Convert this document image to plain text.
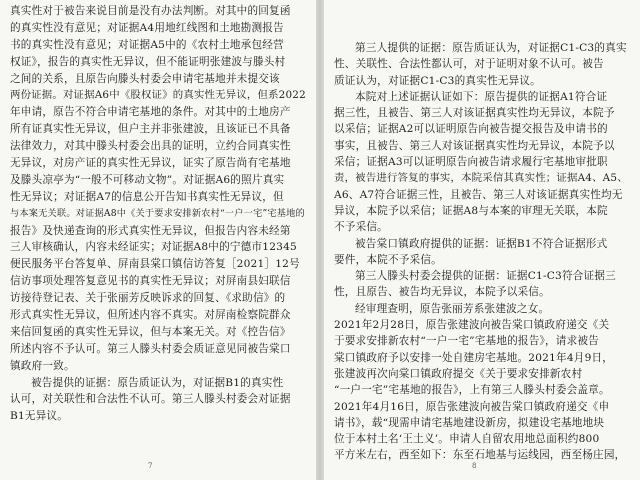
真实性对于被告来说目前是没有办法判断。对其中的回复函
的真实性没有意见；对证据A4用地红线图和土地勘测报告
书的真实性没有意见；对证据A5中的《农村土地承包经营
权证》，报告的真实性无异议，但不能证明张建波与滕头村
之间的关系，且原告向滕头村委会申请宅基地并未提交该
两份证据。对证据A6中《股权证》的真实性无异议，但系2022
年申请，原告不符合申请宅基地的条件。对其中的土地房产
所有证真实性无异议，但户主并非张建波，且该证已不具备
法律效力，对其中滕头村委会出具的证明，立约合同真实性
无异议，对房产证的真实性无异议，证实了原告尚有宅基地
及滕头凉亭为“一般不可移动文物”。对证据A6的照片真实
性无异议；对证据A7的信息公开告知书真实性无异议，但
与本案无关联。对证据A8中《关于要求安排新农村“一户一宅”宅基地的
报告》及快递查询的形式真实性无异议，但报告内容未经第
三人审核确认，内容未经证实；对证据A8中的宁德市12345
便民服务平台答复单、屏南县棠口镇信访答复［2021］12号
信访事项处理答复意见书的真实性无异议；对屏南县妇联信
访接待登记表、关于张丽芳反映诉求的回复、《求助信》的
形式真实性无异议，但所述内容不真实。对屏南检察院群众
来信回复函的真实性无异议，但与本案无关。对《控告信》
所述内容不予认可。第三人滕头村委会质证意见同被告棠口
镇政府一致。
被告提供的证据：原告质证认为，对证据B1的真实性
认可，对关联性和合法性不认可。第三人滕头村委会对证据
B1无异议。
7
第三人提供的证据：原告质证认为，对证据C1-C3的真实
性、关联性、合法性都认可，对于证明对象不认可。被告
质证认为，对证据C1-C3的真实性无异议。
本院对上述证据认证如下：原告提供的证据A1符合证
据三性，且被告、第三人对该证据真实性均无异议，本院予
以采信；证据A2可以证明原告向被告提交报告及申请书的
事实，且被告、第三人对该证据真实性均无异议，本院予以
采信；证据A3可以证明原告向被告请求履行宅基地审批职
责，被告进行答复的事实，本院采信其真实性；证据A4、A5、
A6、A7符合证据三性，且被告、第三人对该证据真实性均无
异议，本院予以采信；证据A8与本案的审理无关联，本院
不予采信。
被告棠口镇政府提供的证据：证据B1不符合证据形式
要件，本院不予采信。
第三人滕头村委会提供的证据：证据C1-C3符合证据三
性，且原告、被告均无异议，本院予以采信。
经审理查明，原告张丽芳系张建波之女。
2021年2月28日，原告张建波向被告棠口镇政府递交《关
于要求安排新农村“一户一宅”宅基地的报告》，请求被告
棠口镇政府予以安排一处自建房宅基地。2021年4月9日，
张建波再次向棠口镇政府提交《关于要求安排新农村
“一户一宅”宅基地的报告》，上有第三人滕头村委会盖章。
2021年4月16日，原告张建波向被告棠口镇政府递交《申
请书》，载“现需申请宅基地建设新房，拟建设宅基地地块
位于本村土名‘王土义’。申请人自留农用地总面积约800
平方米左右，西至如下：东至石地基与运线园，西至杨庄园，
8
